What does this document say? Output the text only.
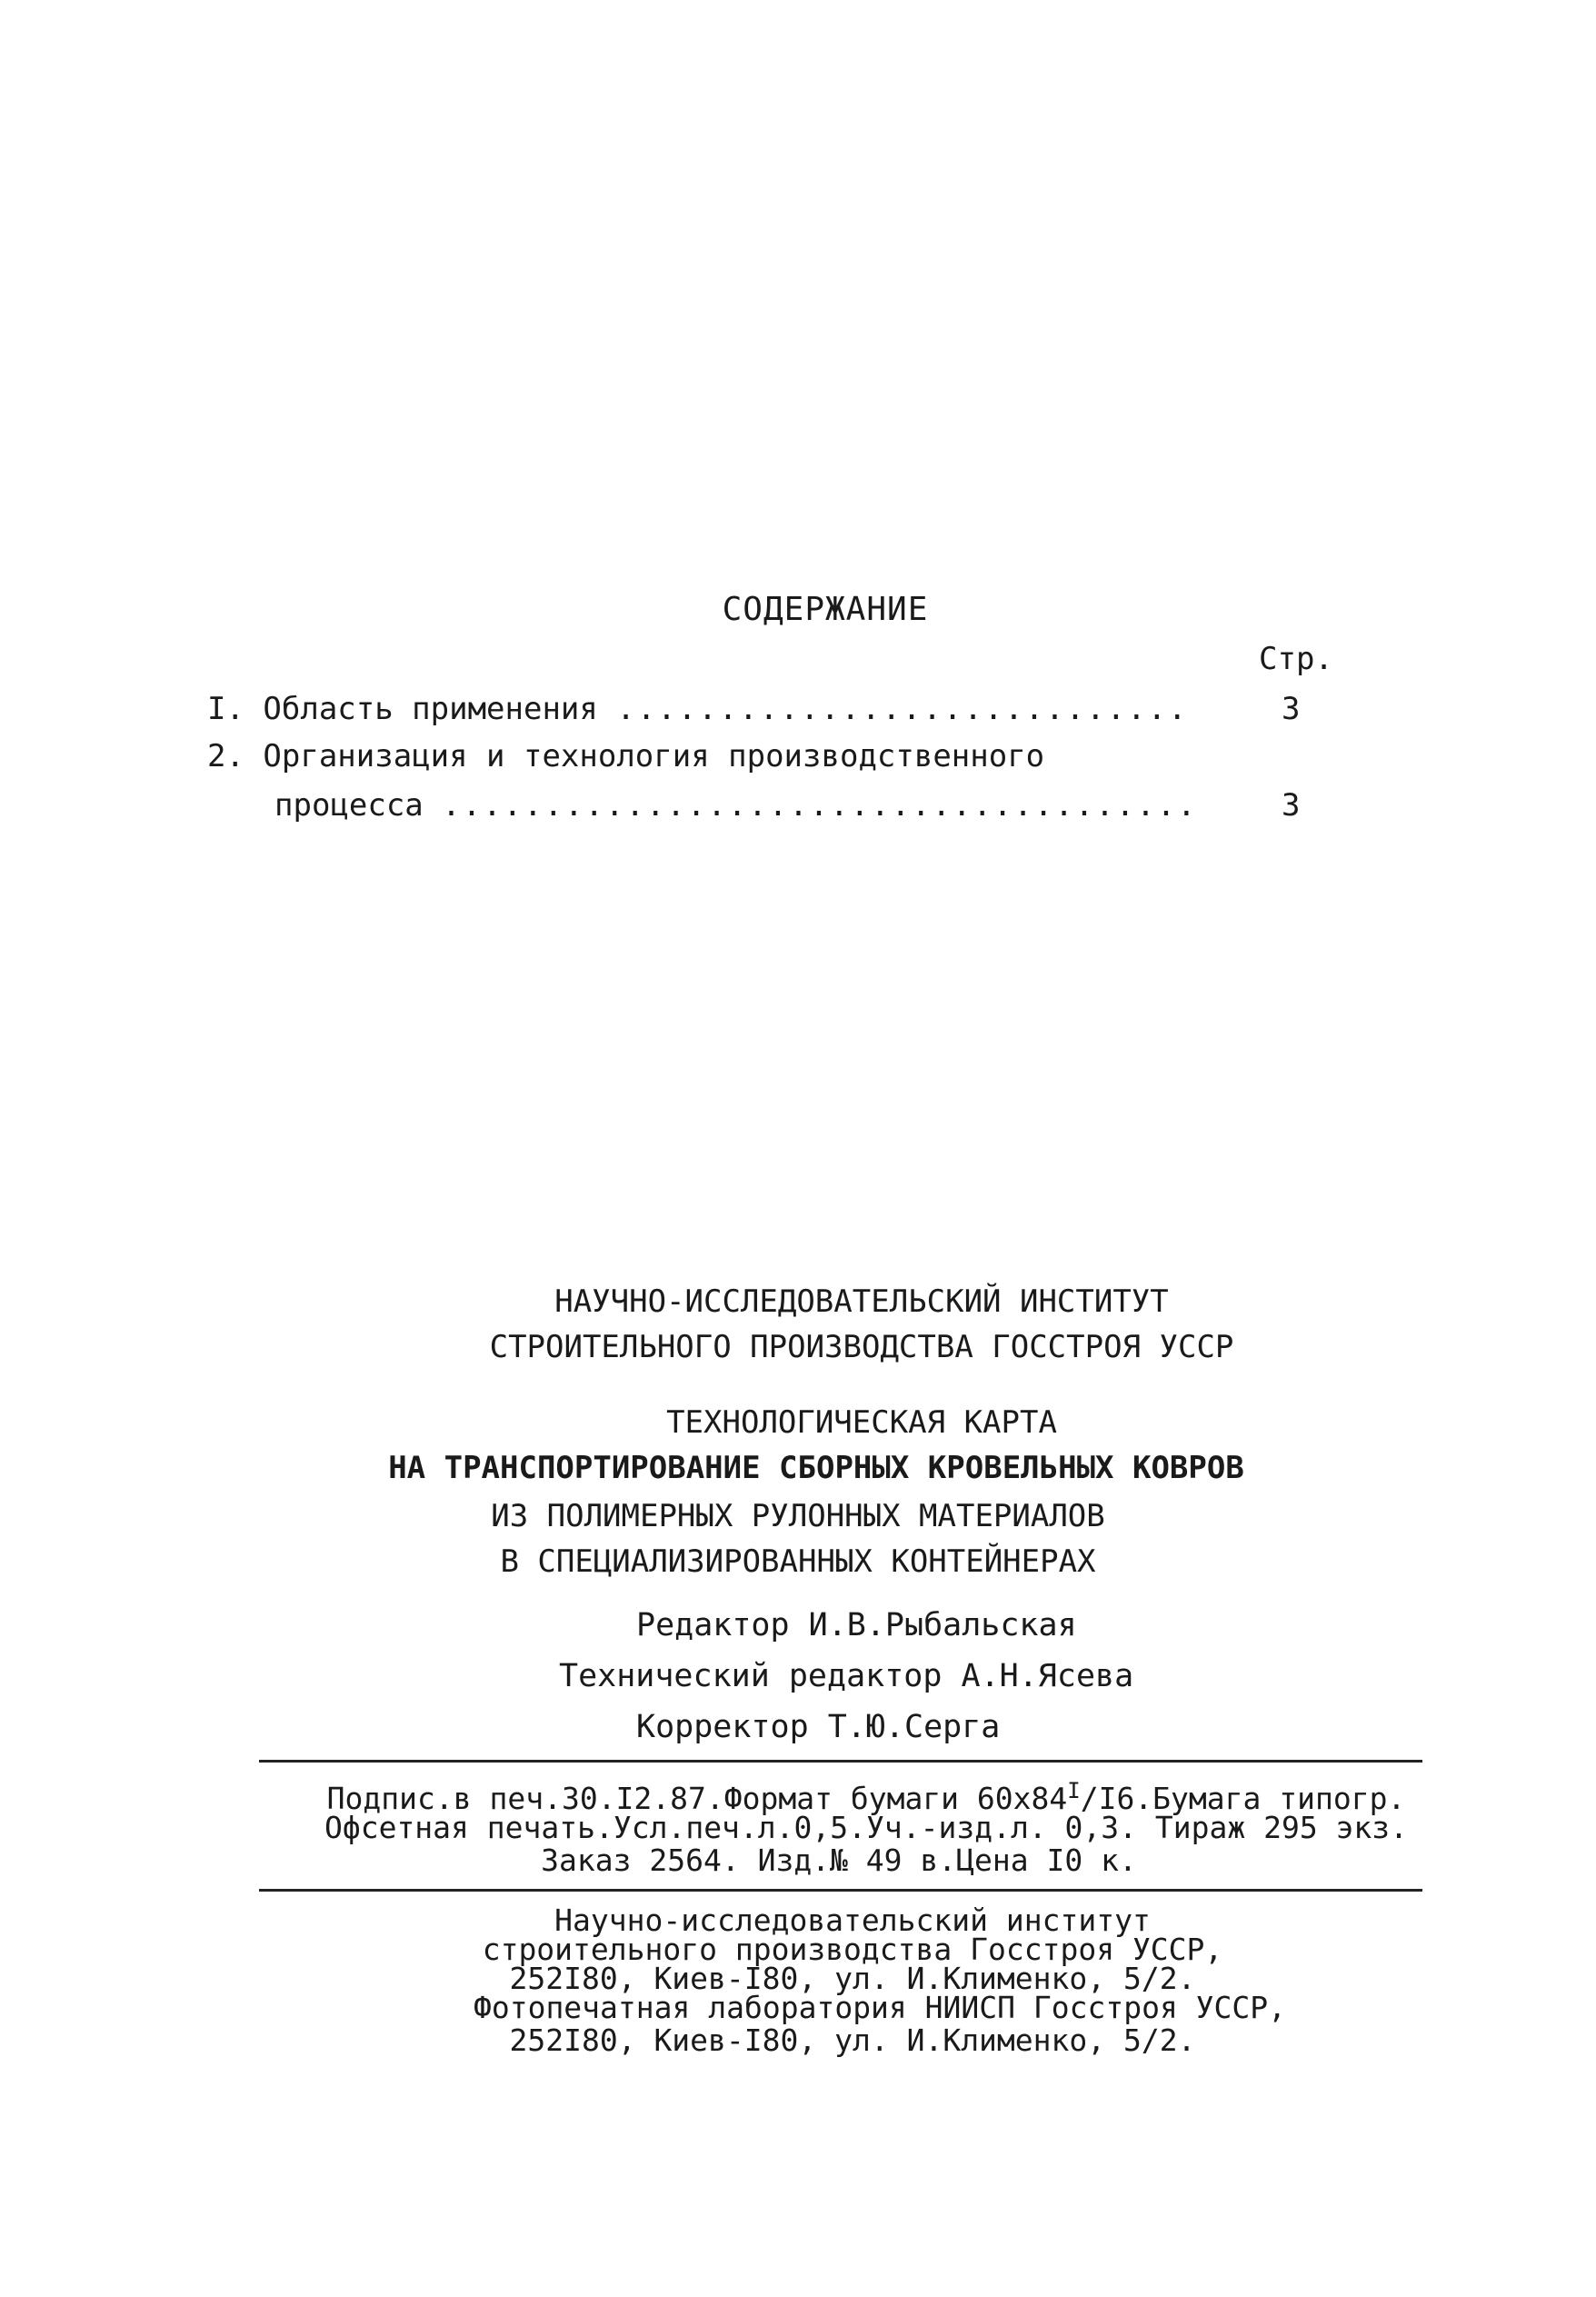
СОДЕРЖАНИЕ
Стр.
I. Область применения ............................	3
2. Организация и технология производственного
процесса .....................................	3
НАУЧНО-ИССЛЕДОВАТЕЛЬСКИЙ ИНСТИТУТ
СТРОИТЕЛЬНОГО ПРОИЗВОДСТВА ГОССТРОЯ УССР
ТЕХНОЛОГИЧЕСКАЯ КАРТА
НА ТРАНСПОРТИРОВАНИЕ СБОРНЫХ КРОВЕЛЬНЫХ КОВРОВ
ИЗ ПОЛИМЕРНЫХ РУЛОННЫХ МАТЕРИАЛОВ
В СПЕЦИАЛИЗИРОВАННЫХ КОНТЕЙНЕРАХ
Редактор И.В.Рыбальская
Технический редактор А.Н.Ясева
Корректор Т.Ю.Серга
Подпис.в печ.30.I2.87.Формат бумаги $60x84^I/I6.Бумага$ типогр.
Офсетная печать.Усл.печ.л.0,5.Уч.-изд.л. 0,3. Тираж 295 экз.
Заказ 2564. Изд.№ 49 в.Цена I0 к.
Научно-исследовательский институт
строительного производства Госстроя УССР,
252I80, Киев-I80, ул. И.Клименко, 5/2.
Фотопечатная лаборатория НИИСП Госстроя УССР,
252I80, Киев-I80, ул. И.Клименко, 5/2.
